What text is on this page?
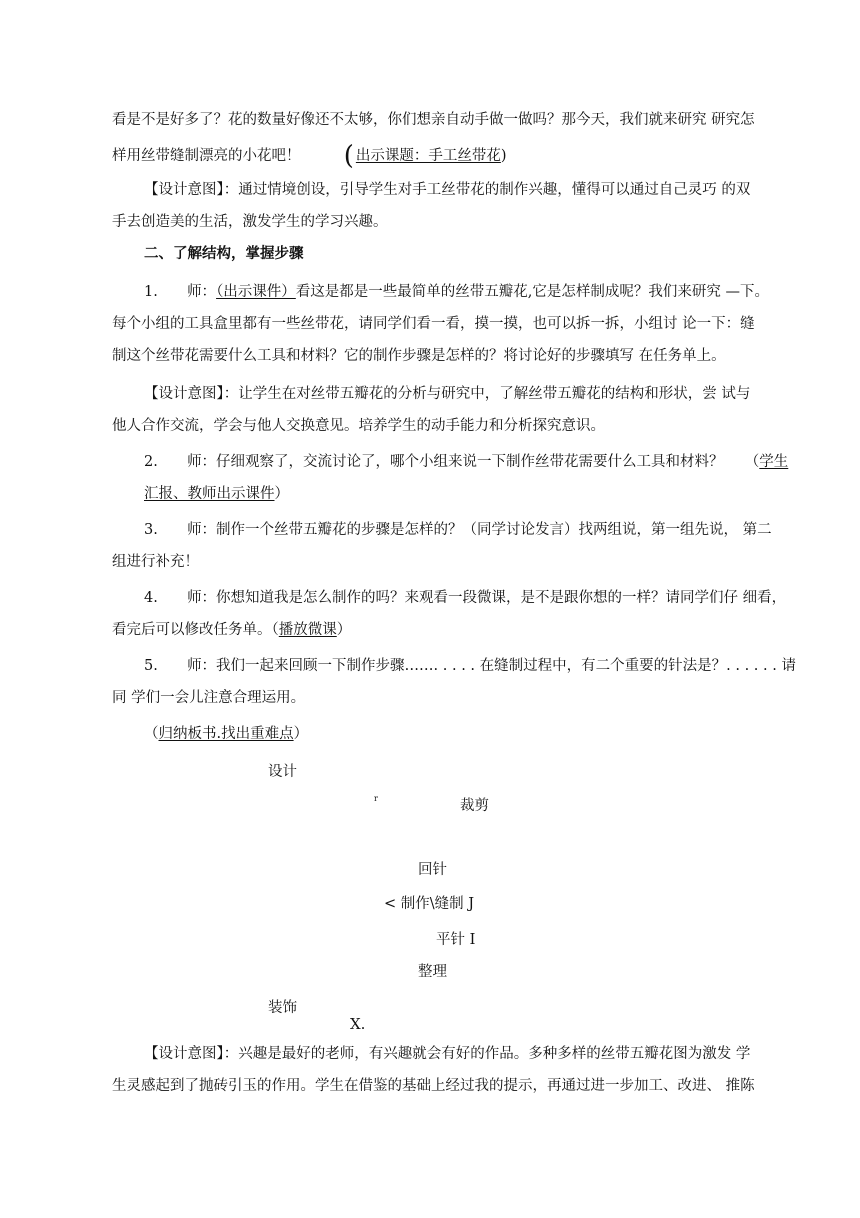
看是不是好多了？花的数量好像还不太够，你们想亲自动手做一做吗？那今天，我们就来研究 研究怎
样用丝带缝制漂亮的小花吧！ ( 出示课题：手工丝带花)
【设计意图】：通过情境创设，引导学生对手工丝带花的制作兴趣，懂得可以通过自己灵巧 的双
手去创造美的生活，激发学生的学习兴趣。
二、了解结构，掌握步骤
1. 师：（出示课件）看这是都是一些最简单的丝带五瓣花,它是怎样制成呢？我们来研究 —下。
每个小组的工具盒里都有一些丝带花，请同学们看一看，摸一摸，也可以拆一拆，小组讨 论一下：缝
制这个丝带花需要什么工具和材料？它的制作步骤是怎样的？将讨论好的步骤填写 在任务单上。
【设计意图】：让学生在对丝带五瓣花的分析与研究中，了解丝带五瓣花的结构和形状，尝 试与
他人合作交流，学会与他人交换意见。培养学生的动手能力和分析探究意识。
2. 师：仔细观察了，交流讨论了，哪个小组来说一下制作丝带花需要什么工具和材料？ （学生
汇报、教师出示课件）
3. 师：制作一个丝带五瓣花的步骤是怎样的？（同学讨论发言）找两组说，第一组先说， 第二
组进行补充！
4. 师：你想知道我是怎么制作的吗？来观看一段微课，是不是跟你想的一样？请同学们仔 细看，
看完后可以修改任务单。（播放微课）
5. 师：我们一起来回顾一下制作步骤……. . . . . 在缝制过程中，有二个重要的针法是？. . . . . . 请
同 学们一会儿注意合理运用。
（归纳板书.找出重难点）
设计
r	裁剪
回针
< 制作\缝制 J
平针 I
整理
装饰
X.
【设计意图】：兴趣是最好的老师，有兴趣就会有好的作品。多种多样的丝带五瓣花图为激发 学
生灵感起到了抛砖引玉的作用。学生在借鉴的基础上经过我的提示，再通过进一步加工、改进、 推陈
